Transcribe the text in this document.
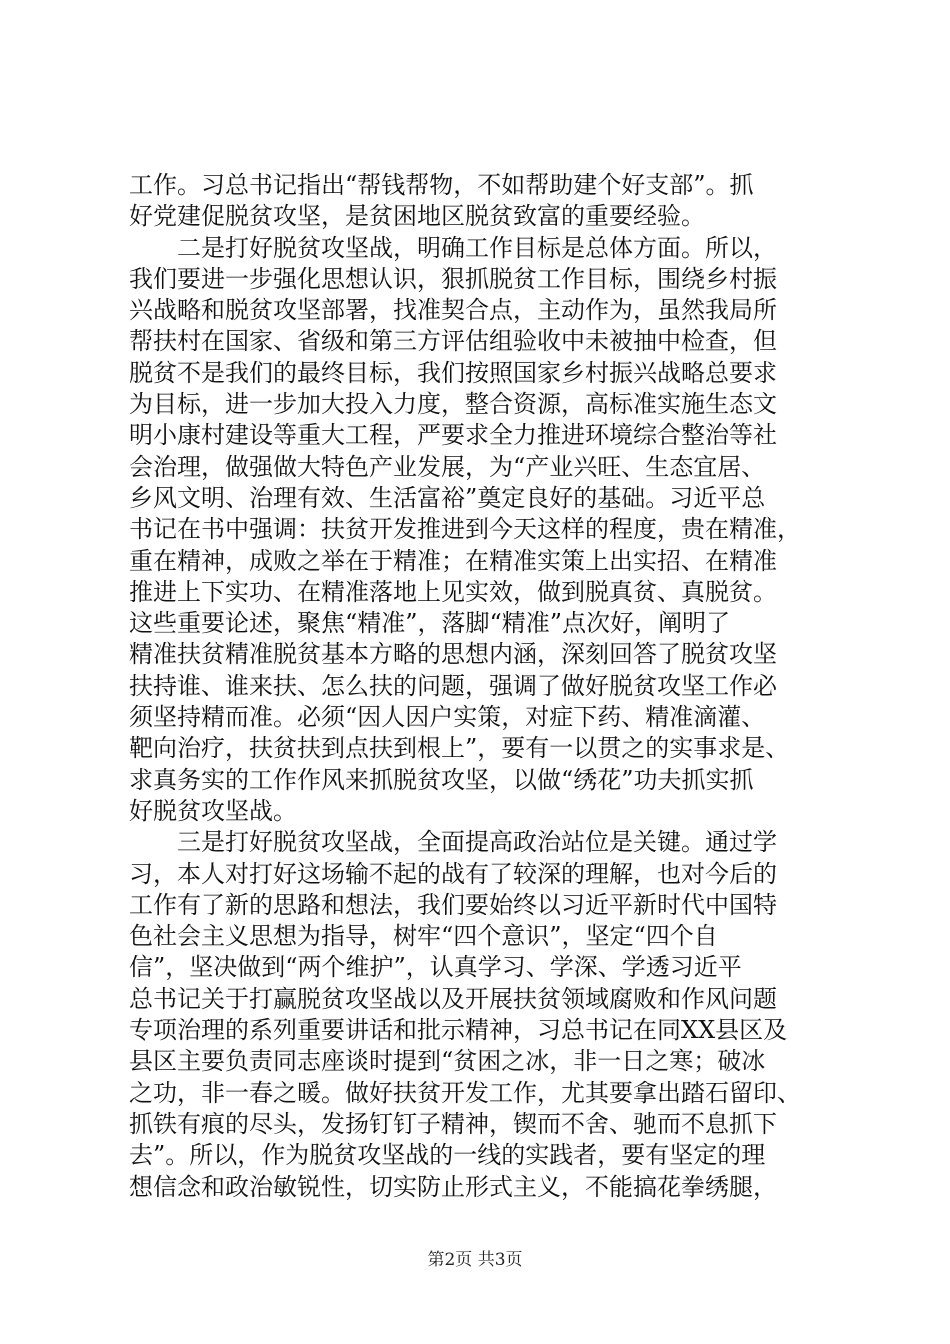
工作。习总书记指出“帮钱帮物，不如帮助建个好支部”。抓
好党建促脱贫攻坚，是贫困地区脱贫致富的重要经验。
二是打好脱贫攻坚战，明确工作目标是总体方面。所以，
我们要进一步强化思想认识，狠抓脱贫工作目标，围绕乡村振
兴战略和脱贫攻坚部署，找准契合点，主动作为，虽然我局所
帮扶村在国家、省级和第三方评估组验收中未被抽中检查，但
脱贫不是我们的最终目标，我们按照国家乡村振兴战略总要求
为目标，进一步加大投入力度，整合资源，高标准实施生态文
明小康村建设等重大工程，严要求全力推进环境综合整治等社
会治理，做强做大特色产业发展，为“产业兴旺、生态宜居、
乡风文明、治理有效、生活富裕”奠定良好的基础。习近平总
书记在书中强调：扶贫开发推进到今天这样的程度，贵在精准，
重在精神，成败之举在于精准；在精准实策上出实招、在精准
推进上下实功、在精准落地上见实效，做到脱真贫、真脱贫。
这些重要论述，聚焦“精准”，落脚“精准”点次好，阐明了
精准扶贫精准脱贫基本方略的思想内涵，深刻回答了脱贫攻坚
扶持谁、谁来扶、怎么扶的问题，强调了做好脱贫攻坚工作必
须坚持精而准。必须“因人因户实策，对症下药、精准滴灌、
靶向治疗，扶贫扶到点扶到根上”，要有一以贯之的实事求是、
求真务实的工作作风来抓脱贫攻坚，以做“绣花”功夫抓实抓
好脱贫攻坚战。
三是打好脱贫攻坚战，全面提高政治站位是关键。通过学
习，本人对打好这场输不起的战有了较深的理解，也对今后的
工作有了新的思路和想法，我们要始终以习近平新时代中国特
色社会主义思想为指导，树牢“四个意识”，坚定“四个自
信”，坚决做到“两个维护”，认真学习、学深、学透习近平
总书记关于打赢脱贫攻坚战以及开展扶贫领域腐败和作风问题
专项治理的系列重要讲话和批示精神，习总书记在同XX县区及
县区主要负责同志座谈时提到“贫困之冰，非一日之寒；破冰
之功，非一春之暖。做好扶贫开发工作，尤其要拿出踏石留印、
抓铁有痕的尽头，发扬钉钉子精神，锲而不舍、驰而不息抓下
去”。所以，作为脱贫攻坚战的一线的实践者，要有坚定的理
想信念和政治敏锐性，切实防止形式主义，不能搞花拳绣腿，
第2页 共3页
